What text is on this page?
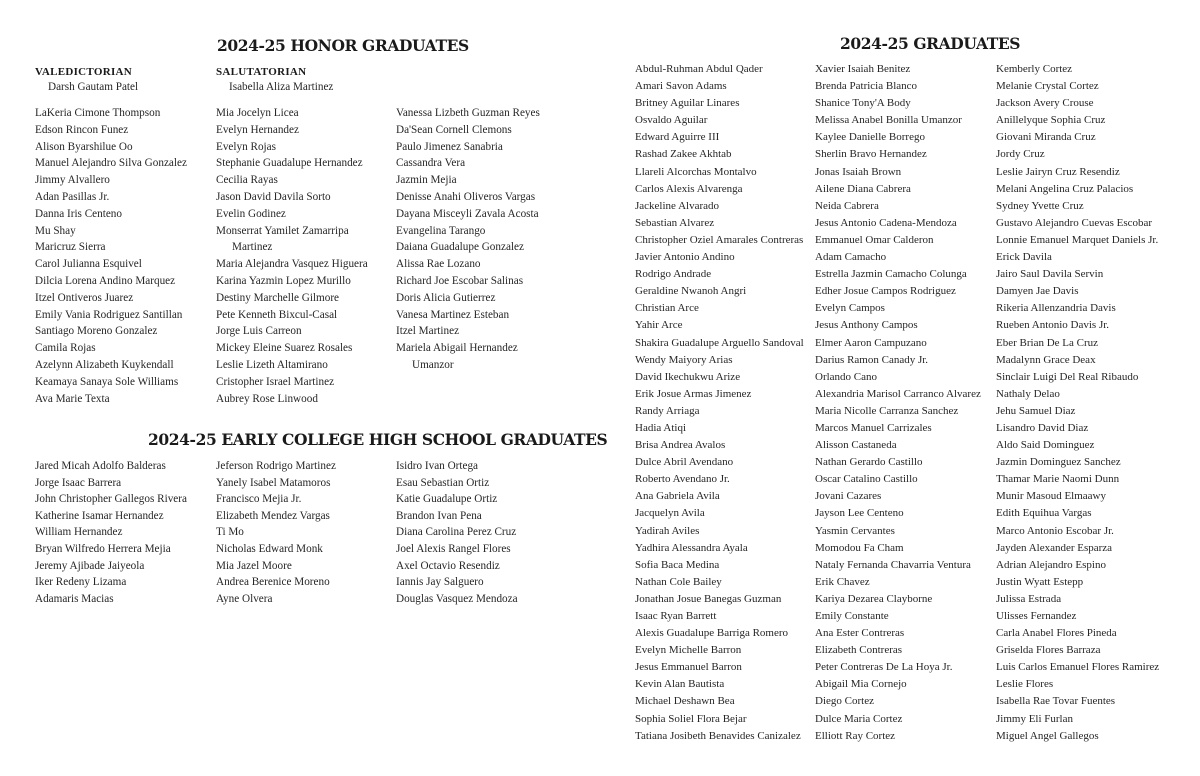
2024-25 HONOR GRADUATES
VALEDICTORIAN
Darsh Gautam Patel
SALUTATORIAN
Isabella Aliza Martinez
LaKeria Cimone Thompson
Edson Rincon Funez
Alison Byarshilue Oo
Manuel Alejandro Silva Gonzalez
Jimmy Alvallero
Adan Pasillas Jr.
Danna Iris Centeno
Mu Shay
Maricruz Sierra
Carol Julianna Esquivel
Dilcia Lorena Andino Marquez
Itzel Ontiveros Juarez
Emily Vania Rodriguez Santillan
Santiago Moreno Gonzalez
Camila Rojas
Azelynn Alizabeth Kuykendall
Keamaya Sanaya Sole Williams
Ava Marie Texta
Mia Jocelyn Licea
Evelyn Hernandez
Evelyn Rojas
Stephanie Guadalupe Hernandez
Cecilia Rayas
Jason David Davila Sorto
Evelin Godinez
Monserrat Yamilet Zamarripa
Martinez
Maria Alejandra Vasquez Higuera
Karina Yazmin Lopez Murillo
Destiny Marchelle Gilmore
Pete Kenneth Bixcul-Casal
Jorge Luis Carreon
Mickey Eleine Suarez Rosales
Leslie Lizeth Altamirano
Cristopher Israel Martinez
Aubrey Rose Linwood
Vanessa Lizbeth Guzman Reyes
Da'Sean Cornell Clemons
Paulo Jimenez Sanabria
Cassandra Vera
Jazmin Mejia
Denisse Anahi Oliveros Vargas
Dayana Misceyli Zavala Acosta
Evangelina Tarango
Daiana Guadalupe Gonzalez
Alissa Rae Lozano
Richard Joe Escobar Salinas
Doris Alicia Gutierrez
Vanesa Martinez Esteban
Itzel Martinez
Mariela Abigail Hernandez
Umanzor
2024-25 EARLY COLLEGE HIGH SCHOOL GRADUATES
Jared Micah Adolfo Balderas
Jorge Isaac Barrera
John Christopher Gallegos Rivera
Katherine Isamar Hernandez
William Hernandez
Bryan Wilfredo Herrera Mejia
Jeremy Ajibade Jaiyeola
Iker Redeny Lizama
Adamaris Macias
Jeferson Rodrigo Martinez
Yanely Isabel Matamoros
Francisco Mejia Jr.
Elizabeth Mendez Vargas
Ti Mo
Nicholas Edward Monk
Mia Jazel Moore
Andrea Berenice Moreno
Ayne Olvera
Isidro Ivan Ortega
Esau Sebastian Ortiz
Katie Guadalupe Ortiz
Brandon Ivan Pena
Diana Carolina Perez Cruz
Joel Alexis Rangel Flores
Axel Octavio Resendiz
Iannis Jay Salguero
Douglas Vasquez Mendoza
2024-25 GRADUATES
Abdul-Ruhman Abdul Qader
Amari Savon Adams
Britney Aguilar Linares
Osvaldo Aguilar
Edward Aguirre III
Rashad Zakee Akhtab
Llareli Alcorchas Montalvo
Carlos Alexis Alvarenga
Jackeline Alvarado
Sebastian Alvarez
Christopher Oziel Amarales Contreras
Javier Antonio Andino
Rodrigo Andrade
Geraldine Nwanoh Angri
Christian Arce
Yahir Arce
Shakira Guadalupe Arguello Sandoval
Wendy Maiyory Arias
David Ikechukwu Arize
Erik Josue Armas Jimenez
Randy Arriaga
Hadia Atiqi
Brisa Andrea Avalos
Dulce Abril Avendano
Roberto Avendano Jr.
Ana Gabriela Avila
Jacquelyn Avila
Yadirah Aviles
Yadhira Alessandra Ayala
Sofia Baca Medina
Nathan Cole Bailey
Jonathan Josue Banegas Guzman
Isaac Ryan Barrett
Alexis Guadalupe Barriga Romero
Evelyn Michelle Barron
Jesus Emmanuel Barron
Kevin Alan Bautista
Michael Deshawn Bea
Sophia Soliel Flora Bejar
Tatiana Josibeth Benavides Canizalez
Xavier Isaiah Benitez
Brenda Patricia Blanco
Shanice Tony'A Body
Melissa Anabel Bonilla Umanzor
Kaylee Danielle Borrego
Sherlin Bravo Hernandez
Jonas Isaiah Brown
Ailene Diana Cabrera
Neida Cabrera
Jesus Antonio Cadena-Mendoza
Emmanuel Omar Calderon
Adam Camacho
Estrella Jazmin Camacho Colunga
Edher Josue Campos Rodriguez
Evelyn Campos
Jesus Anthony Campos
Elmer Aaron Campuzano
Darius Ramon Canady Jr.
Orlando Cano
Alexandria Marisol Carranco Alvarez
Maria Nicolle Carranza Sanchez
Marcos Manuel Carrizales
Alisson Castaneda
Nathan Gerardo Castillo
Oscar Catalino Castillo
Jovani Cazares
Jayson Lee Centeno
Yasmin Cervantes
Momodou Fa Cham
Nataly Fernanda Chavarria Ventura
Erik Chavez
Kariya Dezarea Clayborne
Emily Constante
Ana Ester Contreras
Elizabeth Contreras
Peter Contreras De La Hoya Jr.
Abigail Mia Cornejo
Diego Cortez
Dulce Maria Cortez
Elliott Ray Cortez
Kemberly Cortez
Melanie Crystal Cortez
Jackson Avery Crouse
Anillelyque Sophia Cruz
Giovani Miranda Cruz
Jordy Cruz
Leslie Jairyn Cruz Resendiz
Melani Angelina Cruz Palacios
Sydney Yvette Cruz
Gustavo Alejandro Cuevas Escobar
Lonnie Emanuel Marquet Daniels Jr.
Erick Davila
Jairo Saul Davila Servin
Damyen Jae Davis
Rikeria Allenzandria Davis
Rueben Antonio Davis Jr.
Eber Brian De La Cruz
Madalynn Grace Deax
Sinclair Luigi Del Real Ribaudo
Nathaly Delao
Jehu Samuel Diaz
Lisandro David Diaz
Aldo Said Dominguez
Jazmin Dominguez Sanchez
Thamar Marie Naomi Dunn
Munir Masoud Elmaawy
Edith Equihua Vargas
Marco Antonio Escobar Jr.
Jayden Alexander Esparza
Adrian Alejandro Espino
Justin Wyatt Estepp
Julissa Estrada
Ulisses Fernandez
Carla Anabel Flores Pineda
Griselda Flores Barraza
Luis Carlos Emanuel Flores Ramirez
Leslie Flores
Isabella Rae Tovar Fuentes
Jimmy Eli Furlan
Miguel Angel Gallegos
